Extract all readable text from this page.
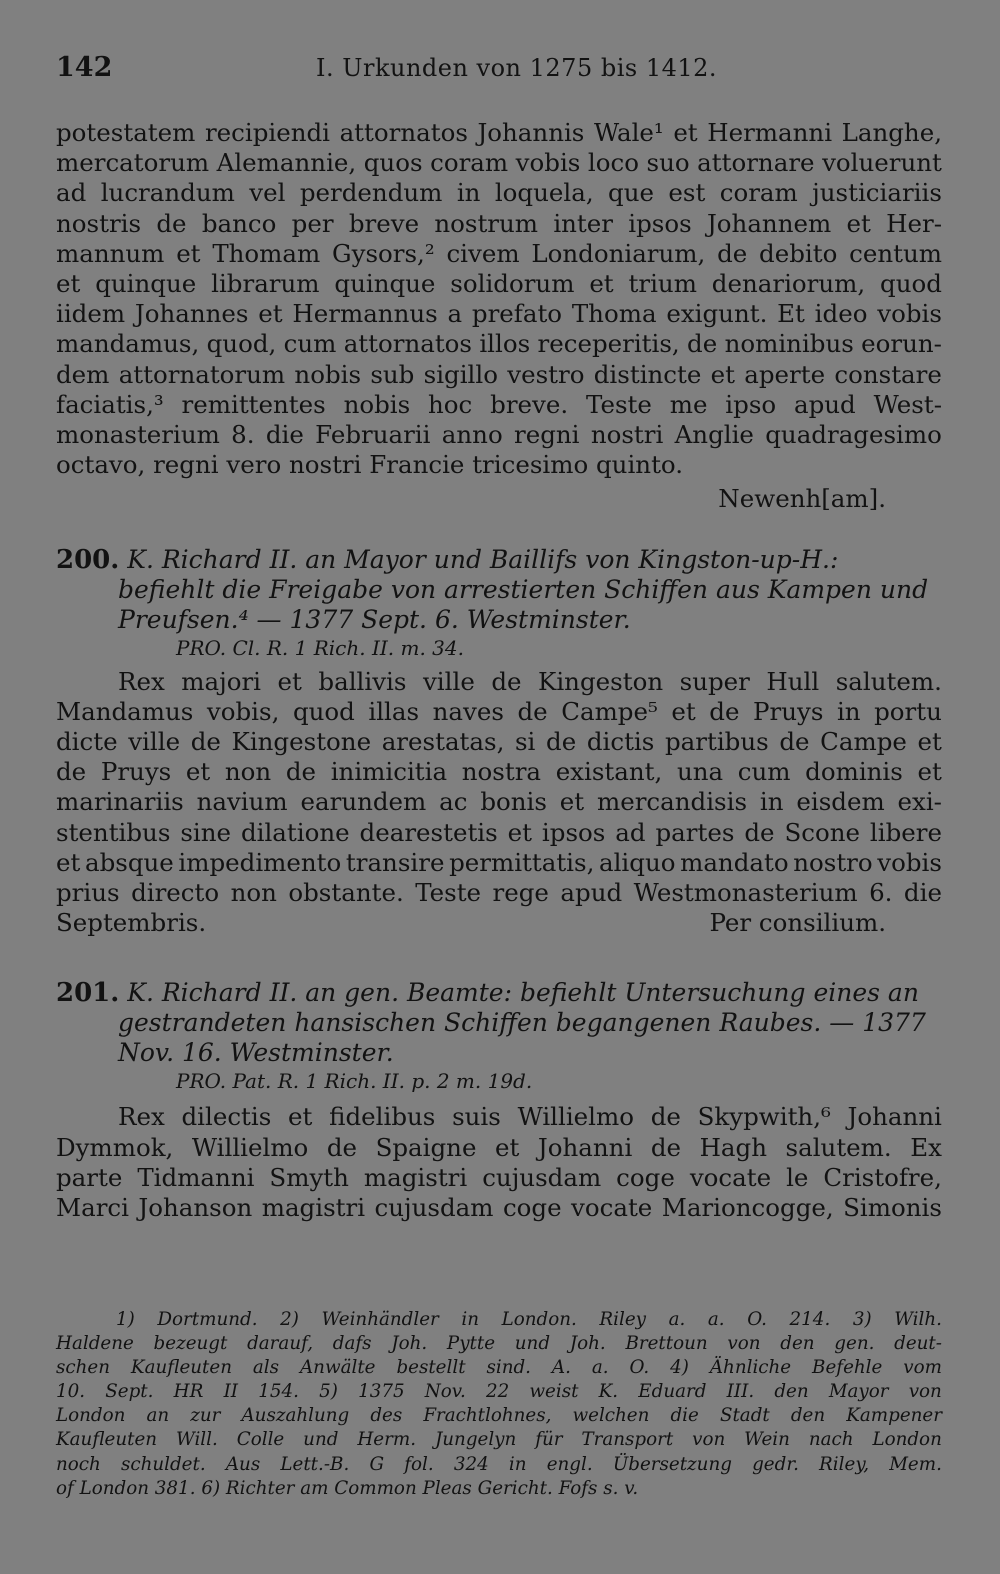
142	I. Urkunden von 1275 bis 1412.
potestatem recipiendi attornatos Johannis Wale¹ et Hermanni Langhe,
mercatorum Alemannie, quos coram vobis loco suo attornare voluerunt
ad lucrandum vel perdendum in loquela, que est coram justiciariis
nostris de banco per breve nostrum inter ipsos Johannem et Her-
mannum et Thomam Gysors,² civem Londoniarum, de debito centum
et quinque librarum quinque solidorum et trium denariorum, quod
iidem Johannes et Hermannus a prefato Thoma exigunt. Et ideo vobis
mandamus, quod, cum attornatos illos receperitis, de nominibus eorun-
dem attornatorum nobis sub sigillo vestro distincte et aperte constare
faciatis,³ remittentes nobis hoc breve. Teste me ipso apud West-
monasterium 8. die Februarii anno regni nostri Anglie quadragesimo
octavo, regni vero nostri Francie tricesimo quinto.
Newenh[am].
200. K. Richard II. an Mayor und Baillifs von Kingston-up-H.:
befiehlt die Freigabe von arrestierten Schiffen aus Kampen und
Preufsen.⁴ — 1377 Sept. 6. Westminster.
PRO. Cl. R. 1 Rich. II. m. 34.
Rex majori et ballivis ville de Kingeston super Hull salutem.
Mandamus vobis, quod illas naves de Campe⁵ et de Pruys in portu
dicte ville de Kingestone arestatas, si de dictis partibus de Campe et
de Pruys et non de inimicitia nostra existant, una cum dominis et
marinariis navium earundem ac bonis et mercandisis in eisdem exi-
stentibus sine dilatione dearestetis et ipsos ad partes de Scone libere
et absque impedimento transire permittatis, aliquo mandato nostro vobis
prius directo non obstante. Teste rege apud Westmonasterium 6. die
Septembris.	Per consilium.
201. K. Richard II. an gen. Beamte: befiehlt Untersuchung eines an
gestrandeten hansischen Schiffen begangenen Raubes. — 1377
Nov. 16. Westminster.
PRO. Pat. R. 1 Rich. II. p. 2 m. 19d.
Rex dilectis et fidelibus suis Willielmo de Skypwith,⁶ Johanni
Dymmok, Willielmo de Spaigne et Johanni de Hagh salutem. Ex
parte Tidmanni Smyth magistri cujusdam coge vocate le Cristofre,
Marci Johanson magistri cujusdam coge vocate Marioncogge, Simonis
1) Dortmund. 2) Weinhändler in London. Riley a. a. O. 214. 3) Wilh.
Haldene bezeugt darauf, dafs Joh. Pytte und Joh. Brettoun von den gen. deut-
schen Kaufleuten als Anwälte bestellt sind. A. a. O. 4) Ähnliche Befehle vom
10. Sept. HR II 154. 5) 1375 Nov. 22 weist K. Eduard III. den Mayor von
London an zur Auszahlung des Frachtlohnes, welchen die Stadt den Kampener
Kaufleuten Will. Colle und Herm. Jungelyn für Transport von Wein nach London
noch schuldet. Aus Lett.-B. G fol. 324 in engl. Übersetzung gedr. Riley, Mem.
of London 381. 6) Richter am Common Pleas Gericht. Fofs s. v.
